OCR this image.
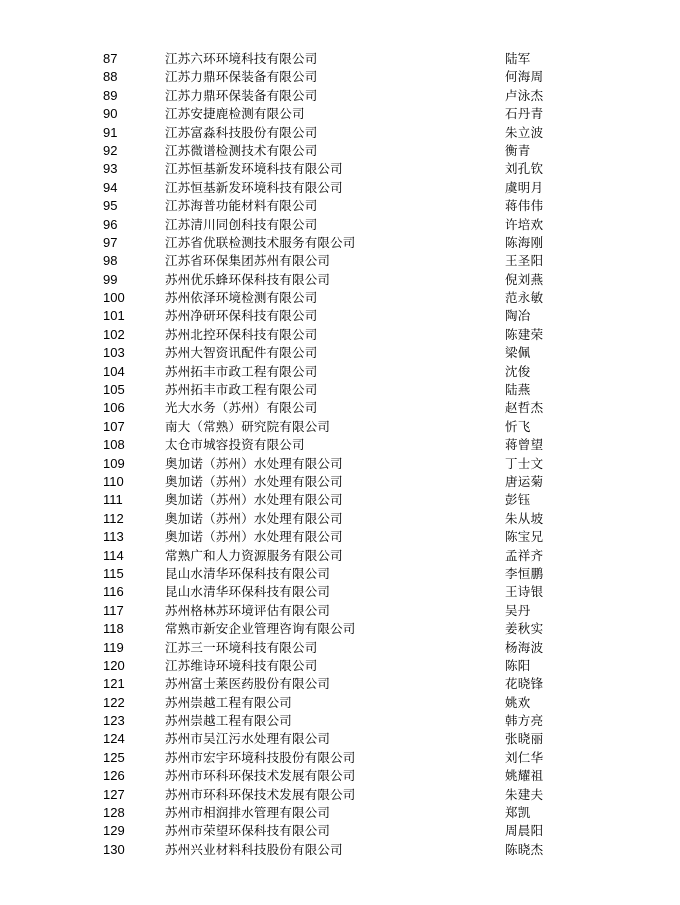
87	江苏六环环境科技有限公司	陆军
88	江苏力鼎环保装备有限公司	何海周
89	江苏力鼎环保装备有限公司	卢泳杰
90	江苏安捷鹿检测有限公司	石丹青
91	江苏富淼科技股份有限公司	朱立波
92	江苏微谱检测技术有限公司	衡青
93	江苏恒基新发环境科技有限公司	刘孔钦
94	江苏恒基新发环境科技有限公司	虞明月
95	江苏海普功能材料有限公司	蒋伟伟
96	江苏清川同创科技有限公司	许培欢
97	江苏省优联检测技术服务有限公司	陈海刚
98	江苏省环保集团苏州有限公司	王圣阳
99	苏州优乐蜂环保科技有限公司	倪刘燕
100	苏州依泽环境检测有限公司	范永敏
101	苏州净研环保科技有限公司	陶冶
102	苏州北控环保科技有限公司	陈建荣
103	苏州大智资讯配件有限公司	梁佩
104	苏州拓丰市政工程有限公司	沈俊
105	苏州拓丰市政工程有限公司	陆燕
106	光大水务（苏州）有限公司	赵哲杰
107	南大（常熟）研究院有限公司	忻飞
108	太仓市城容投资有限公司	蒋曾望
109	奥加诺（苏州）水处理有限公司	丁士文
110	奥加诺（苏州）水处理有限公司	唐运菊
111	奥加诺（苏州）水处理有限公司	彭钰
112	奥加诺（苏州）水处理有限公司	朱从坡
113	奥加诺（苏州）水处理有限公司	陈宝兄
114	常熟广和人力资源服务有限公司	孟祥齐
115	昆山水清华环保科技有限公司	李恒鹏
116	昆山水清华环保科技有限公司	王诗银
117	苏州格林苏环境评估有限公司	吴丹
118	常熟市新安企业管理咨询有限公司	姜秋实
119	江苏三一环境科技有限公司	杨海波
120	江苏维诗环境科技有限公司	陈阳
121	苏州富士莱医药股份有限公司	花晓锋
122	苏州崇越工程有限公司	姚欢
123	苏州崇越工程有限公司	韩方亮
124	苏州市吴江污水处理有限公司	张晓丽
125	苏州市宏宇环境科技股份有限公司	刘仁华
126	苏州市环科环保技术发展有限公司	姚耀祖
127	苏州市环科环保技术发展有限公司	朱建夫
128	苏州市相润排水管理有限公司	郑凯
129	苏州市荣望环保科技有限公司	周晨阳
130	苏州兴业材料科技股份有限公司	陈晓杰
